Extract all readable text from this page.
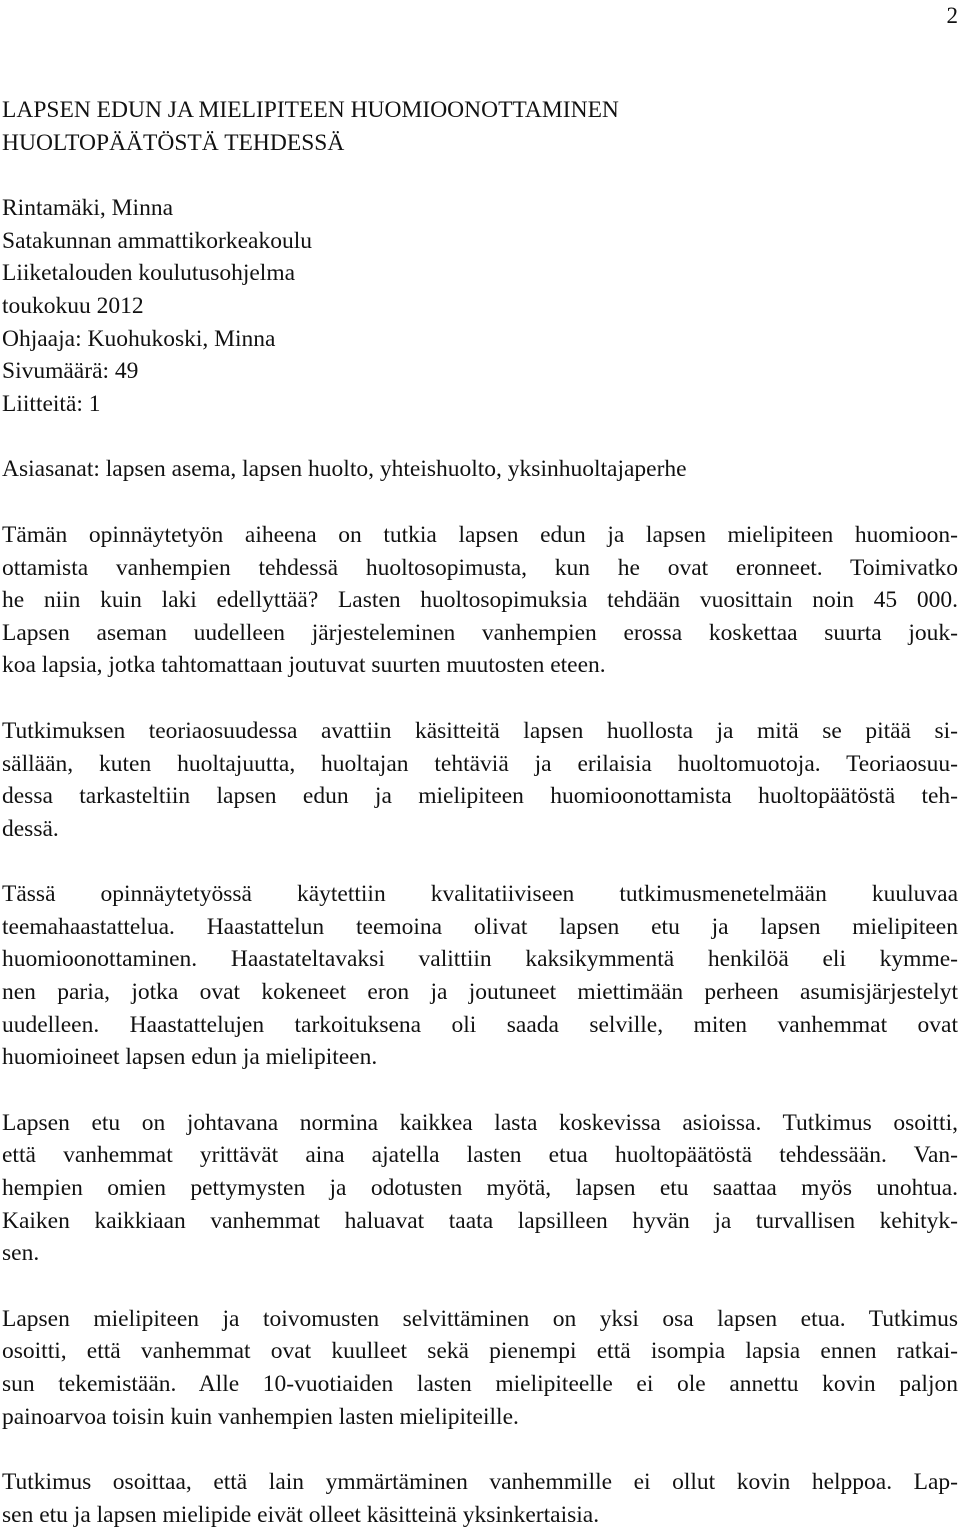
2
LAPSEN EDUN JA MIELIPITEEN HUOMIOONOTTAMINEN
HUOLTOPÄÄTÖSTÄ TEHDESSÄ
Rintamäki, Minna
Satakunnan ammattikorkeakoulu
Liiketalouden koulutusohjelma
toukokuu 2012
Ohjaaja: Kuohukoski, Minna
Sivumäärä: 49
Liitteitä: 1
Asiasanat: lapsen asema, lapsen huolto, yhteishuolto, yksinhuoltajaperhe

Tämän opinnäytetyön aiheena on tutkia lapsen edun ja lapsen mielipiteen huomioon-
ottamista vanhempien tehdessä huoltosopimusta, kun he ovat eronneet. Toimivatko
he niin kuin laki edellyttää? Lasten huoltosopimuksia tehdään vuosittain noin 45 000.
Lapsen aseman uudelleen järjesteleminen vanhempien erossa koskettaa suurta jouk-
koa lapsia, jotka tahtomattaan joutuvat suurten muutosten eteen.

Tutkimuksen teoriaosuudessa avattiin käsitteitä lapsen huollosta ja mitä se pitää si-
sällään, kuten huoltajuutta, huoltajan tehtäviä ja erilaisia huoltomuotoja. Teoriaosuu-
dessa tarkasteltiin lapsen edun ja mielipiteen huomioonottamista huoltopäätöstä teh-
dessä.

Tässä opinnäytetyössä käytettiin kvalitatiiviseen tutkimusmenetelmään kuuluvaa
teemahaastattelua. Haastattelun teemoina olivat lapsen etu ja lapsen mielipiteen
huomioonottaminen. Haastateltavaksi valittiin kaksikymmentä henkilöä eli kymme-
nen paria, jotka ovat kokeneet eron ja joutuneet miettimään perheen asumisjärjestelyt
uudelleen. Haastattelujen tarkoituksena oli saada selville, miten vanhemmat ovat
huomioineet lapsen edun ja mielipiteen.

Lapsen etu on johtavana normina kaikkea lasta koskevissa asioissa. Tutkimus osoitti,
että vanhemmat yrittävät aina ajatella lasten etua huoltopäätöstä tehdessään. Van-
hempien omien pettymysten ja odotusten myötä, lapsen etu saattaa myös unohtua.
Kaiken kaikkiaan vanhemmat haluavat taata lapsilleen hyvän ja turvallisen kehityk-
sen.

Lapsen mielipiteen ja toivomusten selvittäminen on yksi osa lapsen etua. Tutkimus
osoitti, että vanhemmat ovat kuulleet sekä pienempi että isompia lapsia ennen ratkai-
sun tekemistään. Alle 10-vuotiaiden lasten mielipiteelle ei ole annettu kovin paljon
painoarvoa toisin kuin vanhempien lasten mielipiteille.

Tutkimus osoittaa, että lain ymmärtäminen vanhemmille ei ollut kovin helppoa. Lap-
sen etu ja lapsen mielipide eivät olleet käsitteinä yksinkertaisia.
